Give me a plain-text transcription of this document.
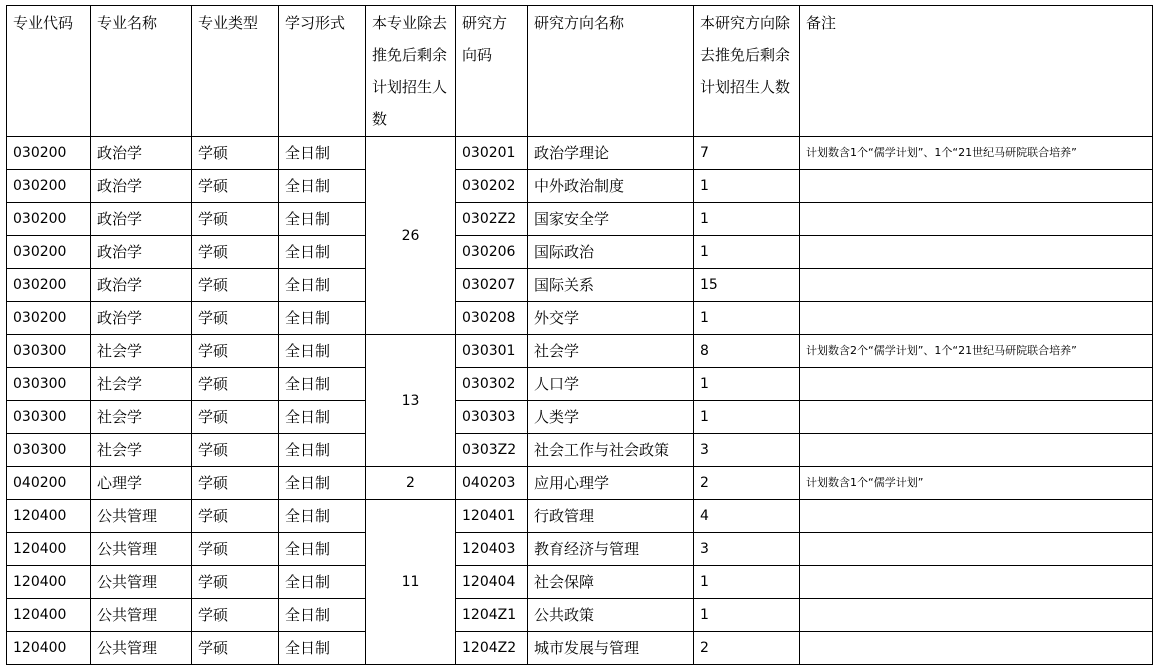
专业代码	专业名称	专业类型	学习形式	本专业除去推免后剩余计划招生人数	研究方向码	研究方向名称	本研究方向除去推免后剩余计划招生人数	备注
030200	政治学	学硕	全日制	26	030201	政治学理论	7	计划数含1个“儒学计划”、1个“21世纪马研院联合培养”
030200	政治学	学硕	全日制		030202	中外政治制度	1	
030200	政治学	学硕	全日制		0302Z2	国家安全学	1	
030200	政治学	学硕	全日制		030206	国际政治	1	
030200	政治学	学硕	全日制		030207	国际关系	15	
030200	政治学	学硕	全日制		030208	外交学	1	
030300	社会学	学硕	全日制	13	030301	社会学	8	计划数含2个“儒学计划”、1个“21世纪马研院联合培养”
030300	社会学	学硕	全日制		030302	人口学	1	
030300	社会学	学硕	全日制		030303	人类学	1	
030300	社会学	学硕	全日制		0303Z2	社会工作与社会政策	3	
040200	心理学	学硕	全日制	2	040203	应用心理学	2	计划数含1个“儒学计划”
120400	公共管理	学硕	全日制	11	120401	行政管理	4	
120400	公共管理	学硕	全日制		120403	教育经济与管理	3	
120400	公共管理	学硕	全日制		120404	社会保障	1	
120400	公共管理	学硕	全日制		1204Z1	公共政策	1	
120400	公共管理	学硕	全日制		1204Z2	城市发展与管理	2	
